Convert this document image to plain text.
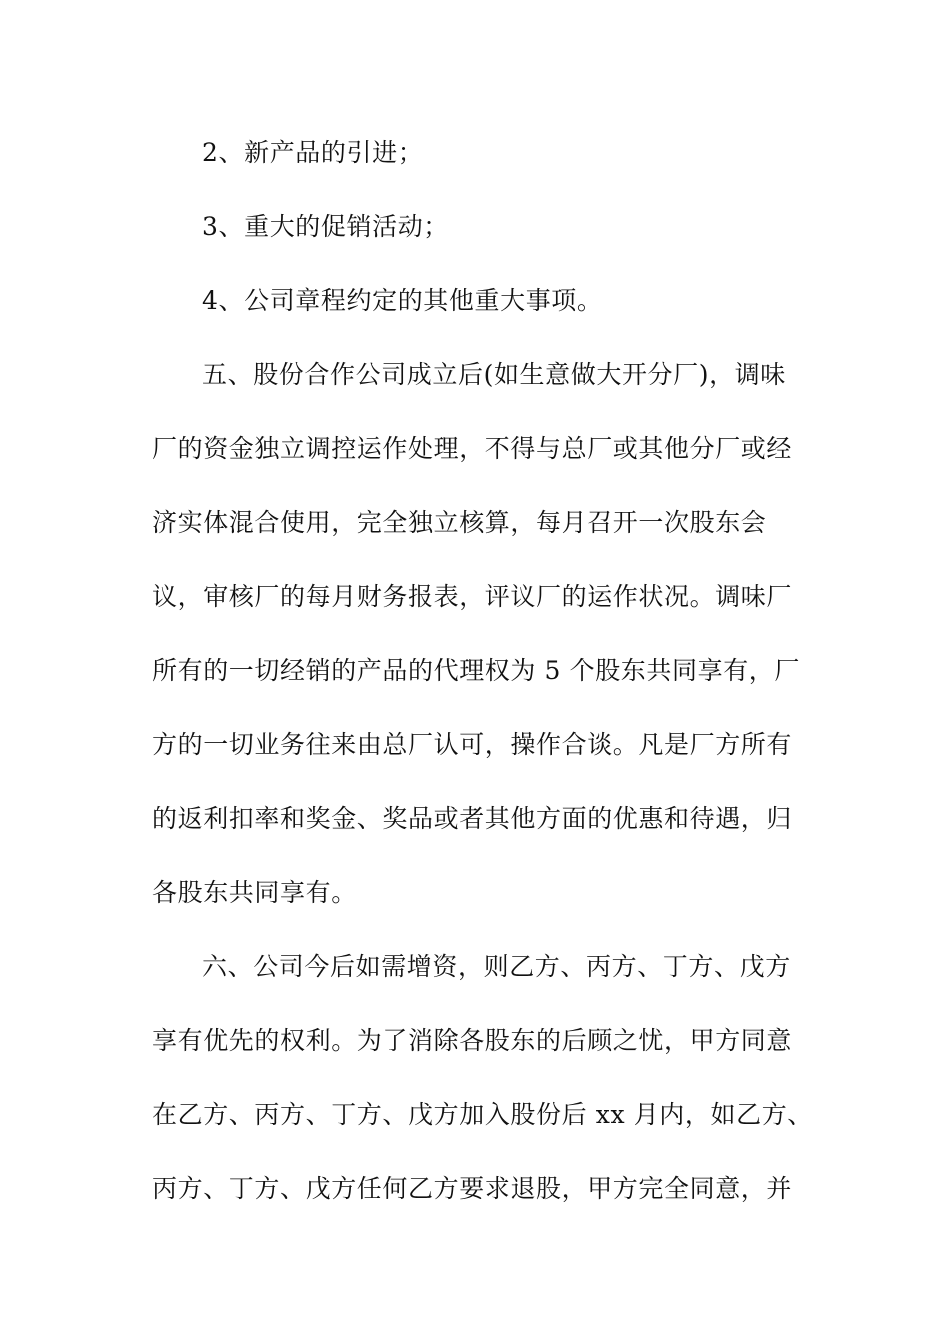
2、新产品的引进；
3、重大的促销活动；
4、公司章程约定的其他重大事项。
五、股份合作公司成立后(如生意做大开分厂)，调味
厂的资金独立调控运作处理，不得与总厂或其他分厂或经
济实体混合使用，完全独立核算，每月召开一次股东会
议，审核厂的每月财务报表，评议厂的运作状况。调味厂
所有的一切经销的产品的代理权为 5 个股东共同享有，厂
方的一切业务往来由总厂认可，操作合谈。凡是厂方所有
的返利扣率和奖金、奖品或者其他方面的优惠和待遇，归
各股东共同享有。
六、公司今后如需增资，则乙方、丙方、丁方、戊方
享有优先的权利。为了消除各股东的后顾之忧，甲方同意
在乙方、丙方、丁方、戊方加入股份后 xx 月内，如乙方、
丙方、丁方、戊方任何乙方要求退股，甲方完全同意，并
